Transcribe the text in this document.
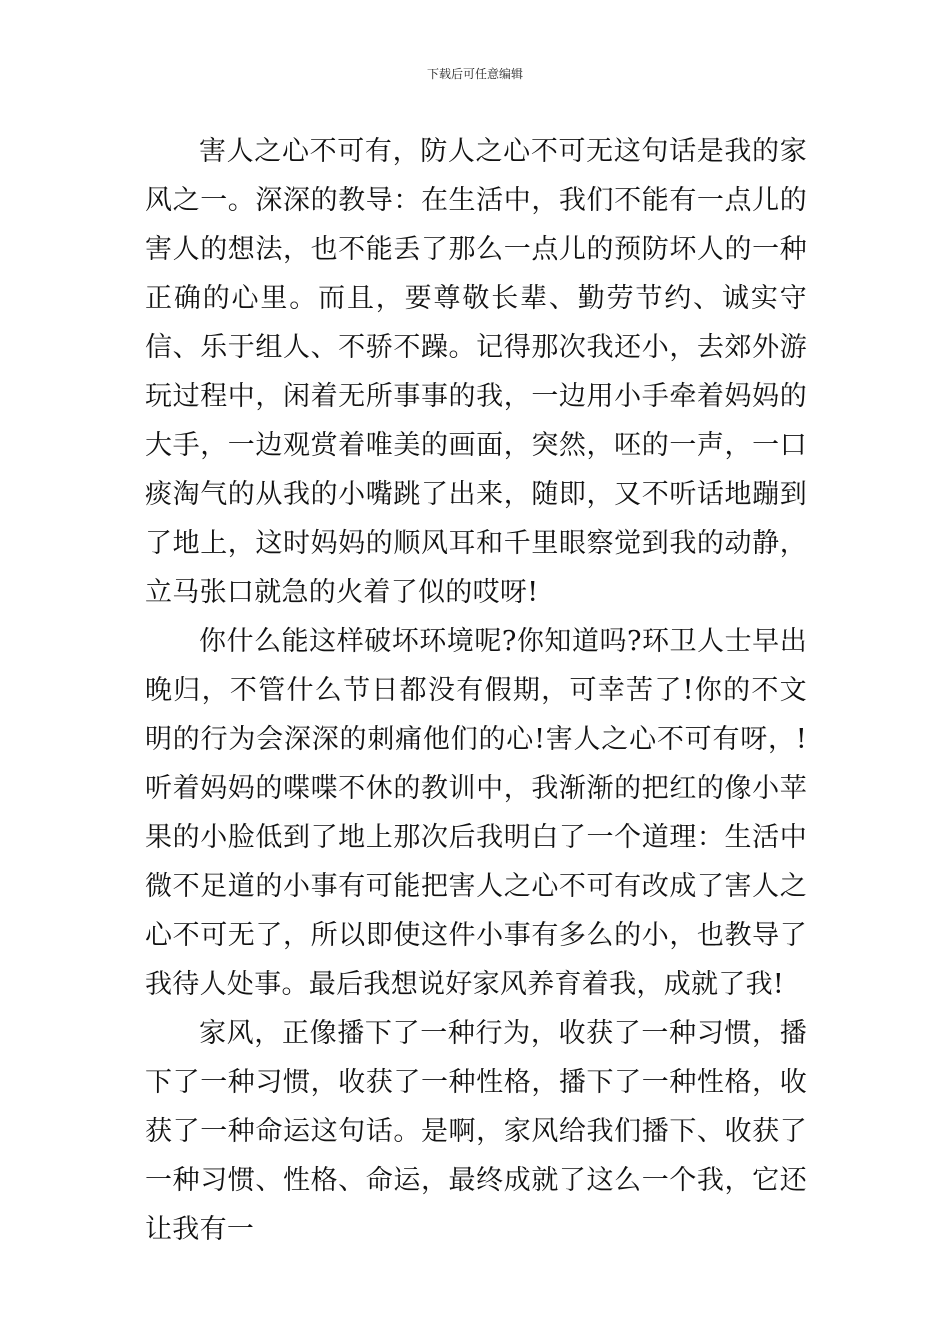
下载后可任意编辑

害人之心不可有，防人之心不可无这句话是我的家风之一。深深的教导：在生活中，我们不能有一点儿的害人的想法，也不能丢了那么一点儿的预防坏人的一种正确的心里。而且，要尊敬长辈、勤劳节约、诚实守信、乐于组人、不骄不躁。记得那次我还小，去郊外游玩过程中，闲着无所事事的我，一边用小手牵着妈妈的大手，一边观赏着唯美的画面，突然，呸的一声，一口痰淘气的从我的小嘴跳了出来，随即，又不听话地蹦到了地上，这时妈妈的顺风耳和千里眼察觉到我的动静，立马张口就急的火着了似的哎呀!

你什么能这样破坏环境呢?你知道吗?环卫人士早出晚归，不管什么节日都没有假期，可幸苦了!你的不文明的行为会深深的刺痛他们的心!害人之心不可有呀，!听着妈妈的喋喋不休的教训中，我渐渐的把红的像小苹果的小脸低到了地上那次后我明白了一个道理：生活中微不足道的小事有可能把害人之心不可有改成了害人之心不可无了，所以即使这件小事有多么的小，也教导了我待人处事。最后我想说好家风养育着我，成就了我!

家风，正像播下了一种行为，收获了一种习惯，播下了一种习惯，收获了一种性格，播下了一种性格，收获了一种命运这句话。是啊，家风给我们播下、收获了一种习惯、性格、命运，最终成就了这么一个我，它还让我有一
